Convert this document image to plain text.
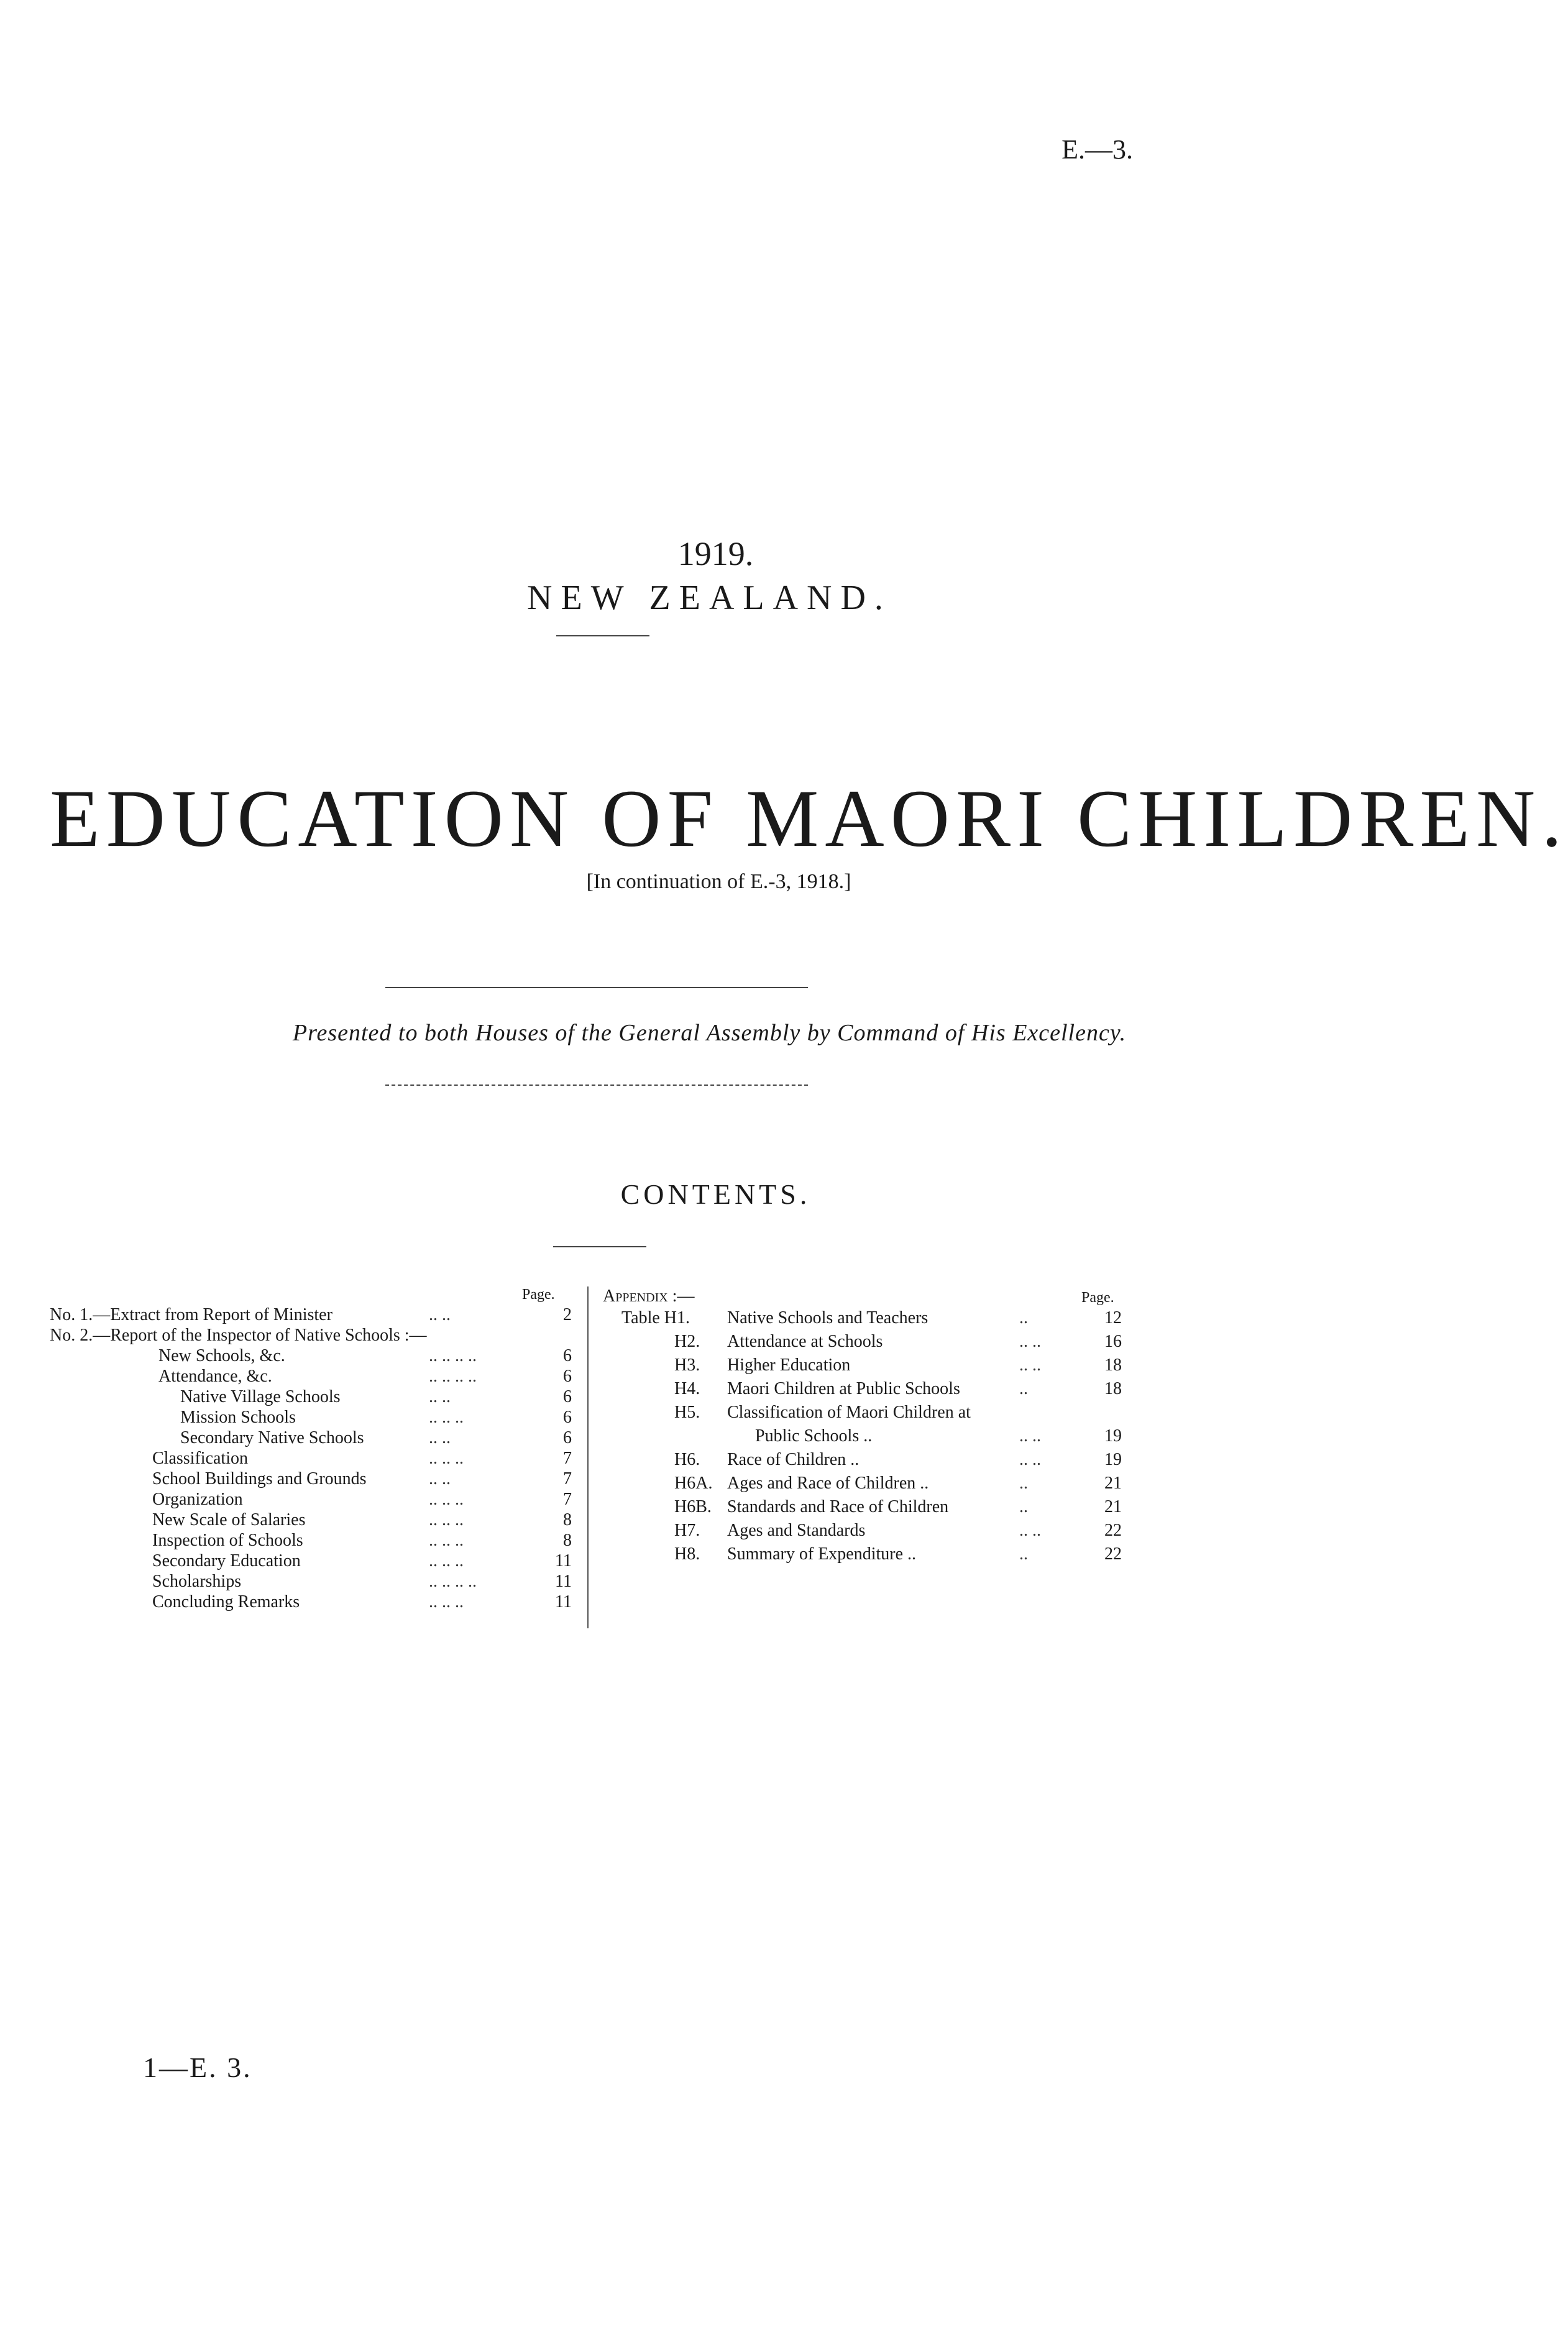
E.—3.
1919.
NEW ZEALAND.
EDUCATION OF MAORI CHILDREN.
[In continuation of E.-3, 1918.]
Presented to both Houses of the General Assembly by Command of His Excellency.
CONTENTS.
Page.	Page.
Appendix :—
No. 1.—Extract from Report of Minister	.. ..	2
No. 2.—Report of the Inspector of Native Schools :—
New Schools, &c.	.. .. .. ..	6
Attendance, &c.	.. .. .. ..	6
Native Village Schools	.. ..	6
Mission Schools	.. .. ..	6
Secondary Native Schools	.. ..	6
Classification	.. .. ..	7
School Buildings and Grounds	.. ..	7
Organization	.. .. ..	7
New Scale of Salaries	.. .. ..	8
Inspection of Schools	.. .. ..	8
Secondary Education	.. .. ..	11
Scholarships	.. .. .. ..	11
Concluding Remarks	.. .. ..	11
Table H1. Native Schools and Teachers	..	12
H2. Attendance at Schools	.. ..	16
H3. Higher Education	.. ..	18
H4. Maori Children at Public Schools	..	18
H5. Classification of Maori Children at
Public Schools ..	.. ..	19
H6. Race of Children ..	.. ..	19
H6A. Ages and Race of Children ..	..	21
H6B. Standards and Race of Children	..	21
H7. Ages and Standards	.. ..	22
H8. Summary of Expenditure ..	..	22
1—E. 3.
